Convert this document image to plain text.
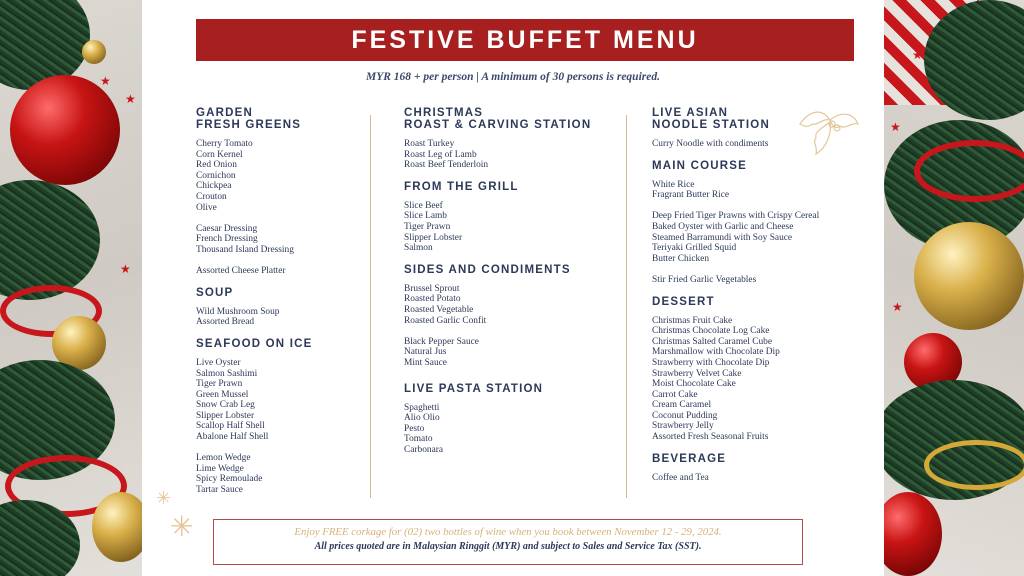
★
★
★
★
★
★
FESTIVE BUFFET MENU
MYR 168 + per person | A minimum of 30 persons is required.
✳
✳
GARDEN
FRESH GREENS
Cherry Tomato
Corn Kernel
Red Onion
Cornichon
Chickpea
Crouton
Olive
Caesar Dressing
French Dressing
Thousand Island Dressing
Assorted Cheese Platter
SOUP
Wild Mushroom Soup
Assorted Bread
SEAFOOD ON ICE
Live Oyster
Salmon Sashimi
Tiger Prawn
Green Mussel
Snow Crab Leg
Slipper Lobster
Scallop Half Shell
Abalone Half Shell
Lemon Wedge
Lime Wedge
Spicy Remoulade
Tartar Sauce
CHRISTMAS
ROAST & CARVING STATION
Roast Turkey
Roast Leg of Lamb
Roast Beef Tenderloin
FROM THE GRILL
Slice Beef
Slice Lamb
Tiger Prawn
Slipper Lobster
Salmon
SIDES AND CONDIMENTS
Brussel Sprout
Roasted Potato
Roasted Vegetable
Roasted Garlic Confit
Black Pepper Sauce
Natural Jus
Mint Sauce
LIVE PASTA STATION
Spaghetti
Alio Olio
Pesto
Tomato
Carbonara
LIVE ASIAN
NOODLE STATION
Curry Noodle with condiments
MAIN COURSE
White Rice
Fragrant Butter Rice
Deep Fried Tiger Prawns with Crispy Cereal
Baked Oyster with Garlic and Cheese
Steamed Barramundi with Soy Sauce
Teriyaki Grilled Squid
Butter Chicken
Stir Fried Garlic Vegetables
DESSERT
Christmas Fruit Cake
Christmas Chocolate Log Cake
Christmas Salted Caramel Cube
Marshmallow with Chocolate Dip
Strawberry with Chocolate Dip
Strawberry Velvet Cake
Moist Chocolate Cake
Carrot Cake
Cream Caramel
Coconut Pudding
Strawberry Jelly
Assorted Fresh Seasonal Fruits
BEVERAGE
Coffee and Tea
Enjoy FREE corkage for (02) two bottles of wine when you book between November 12 - 29, 2024.
All prices quoted are in Malaysian Ringgit (MYR) and subject to Sales and Service Tax (SST).
